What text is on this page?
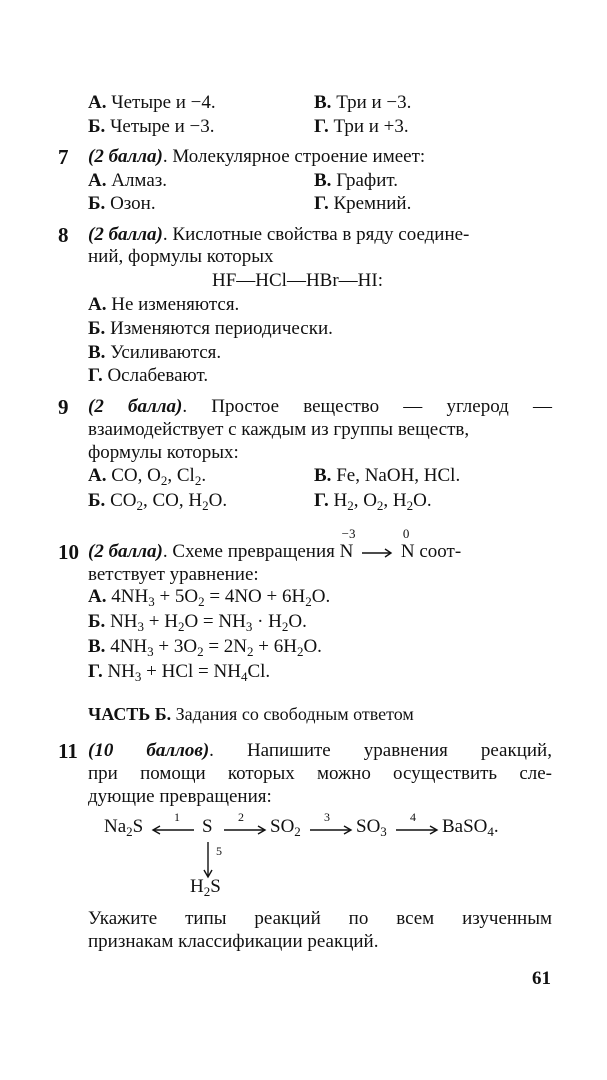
А. Четыре и −4.	В. Три и −3.
Б. Четыре и −3.	Г. Три и +3.
7 (2 балла). Молекулярное строение имеет:
А. Алмаз.	В. Графит.
Б. Озон.	Г. Кремний.
8 (2 балла). Кислотные свойства в ряду соедине-
ний, формулы которых
HF—HCl—HBr—HI:
А. Не изменяются.
Б. Изменяются периодически.
В. Усиливаются.
Г. Ослабевают.
9 (2 балла). Простое вещество — углерод —
взаимодействует с каждым из группы веществ,
формулы которых:
А. CO, $O_2$, $Cl_2$.	В. Fe, NaOH, HCl.
Б. $CO_2$, CO, $H_2O$.	Г. $H_2$, $O_2$, $H_2O$.
10 (2 балла). Схеме превращения
−3
N

0
N соот-
ветствует уравнение:
А. $4NH_3 + 5O_2 = 4NO + 6H_2O$.
Б. $NH_3 + H_2O = NH_3 \cdot H_2O$.
В. $4NH_3 + 3O_2 = 2N_2 + 6H_2O$.
Г. $NH_3$ + HCl = $NH_4Cl$.
ЧАСТЬ Б. Задания со свободным ответом
11 (10 баллов). Напишите уравнения реакций,
при помощи которых можно осуществить сле-
дующие превращения:
$Na_2S$	1 S 2 $SO_2$
3 $SO_3$
4 BaSO$_4$.
5
$H_2S$
Укажите типы реакций по всем изученным
признакам классификации реакций.
61
